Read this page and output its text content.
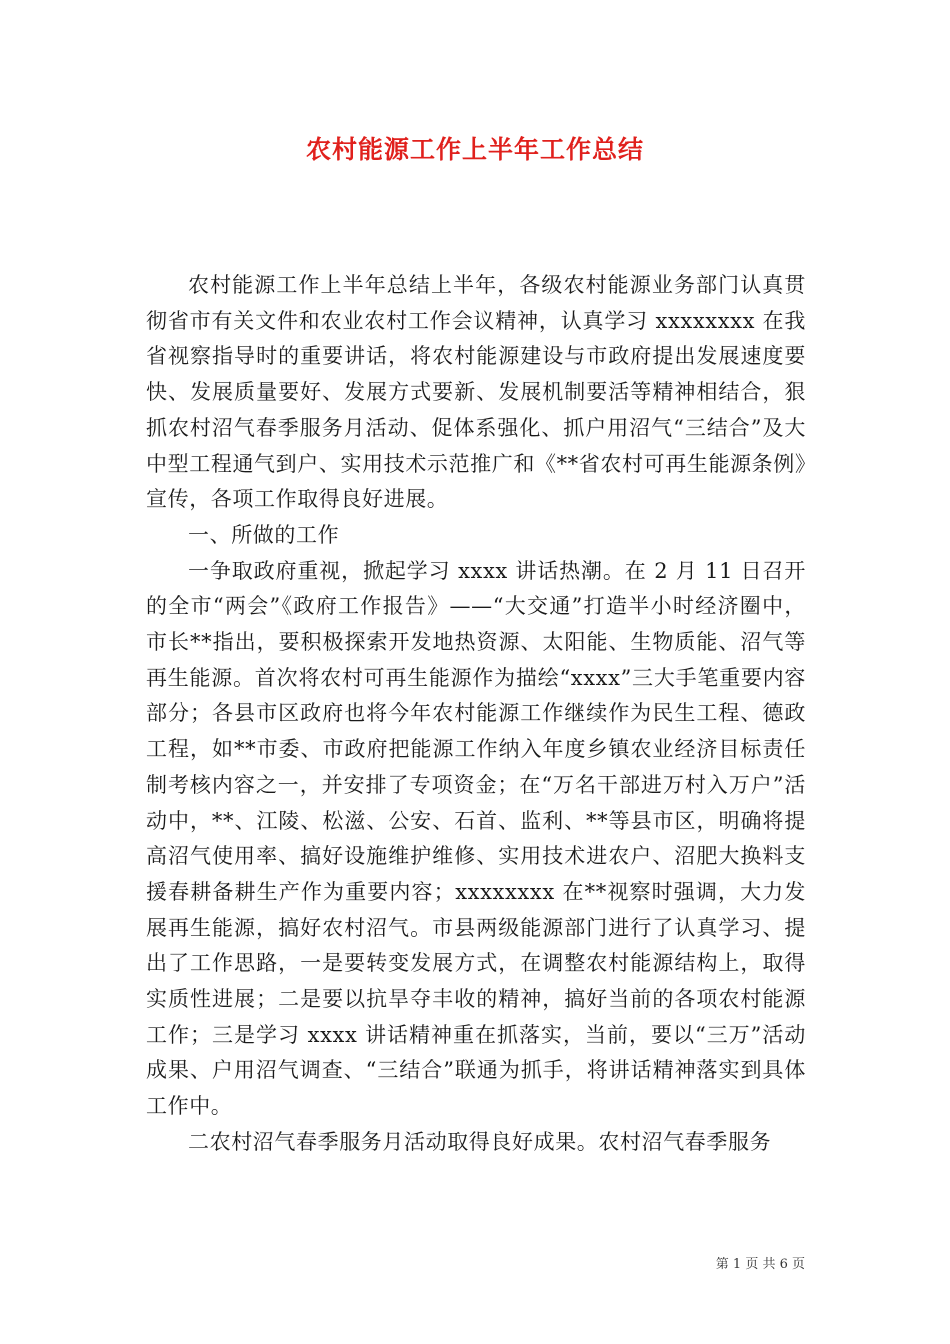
农村能源工作上半年工作总结

农村能源工作上半年总结上半年，各级农村能源业务部门认真贯彻省市有关文件和农业农村工作会议精神，认真学习 xxxxxxxx 在我省视察指导时的重要讲话，将农村能源建设与市政府提出发展速度要快、发展质量要好、发展方式要新、发展机制要活等精神相结合，狠抓农村沼气春季服务月活动、促体系强化、抓户用沼气“三结合”及大中型工程通气到户、实用技术示范推广和《**省农村可再生能源条例》宣传，各项工作取得良好进展。

一、所做的工作

一争取政府重视，掀起学习 xxxx 讲话热潮。在 2 月 11 日召开的全市“两会”《政府工作报告》——“大交通”打造半小时经济圈中，市长**指出，要积极探索开发地热资源、太阳能、生物质能、沼气等再生能源。首次将农村可再生能源作为描绘“xxxx”三大手笔重要内容部分；各县市区政府也将今年农村能源工作继续作为民生工程、德政工程，如**市委、市政府把能源工作纳入年度乡镇农业经济目标责任制考核内容之一，并安排了专项资金；在“万名干部进万村入万户”活动中，**、江陵、松滋、公安、石首、监利、**等县市区，明确将提高沼气使用率、搞好设施维护维修、实用技术进农户、沼肥大换料支援春耕备耕生产作为重要内容；xxxxxxxx 在**视察时强调，大力发展再生能源，搞好农村沼气。市县两级能源部门进行了认真学习、提出了工作思路，一是要转变发展方式，在调整农村能源结构上，取得实质性进展；二是要以抗旱夺丰收的精神，搞好当前的各项农村能源工作；三是学习 xxxx 讲话精神重在抓落实，当前，要以“三万”活动成果、户用沼气调查、“三结合”联通为抓手，将讲话精神落实到具体工作中。

二农村沼气春季服务月活动取得良好成果。农村沼气春季服务

第 1 页 共 6 页
